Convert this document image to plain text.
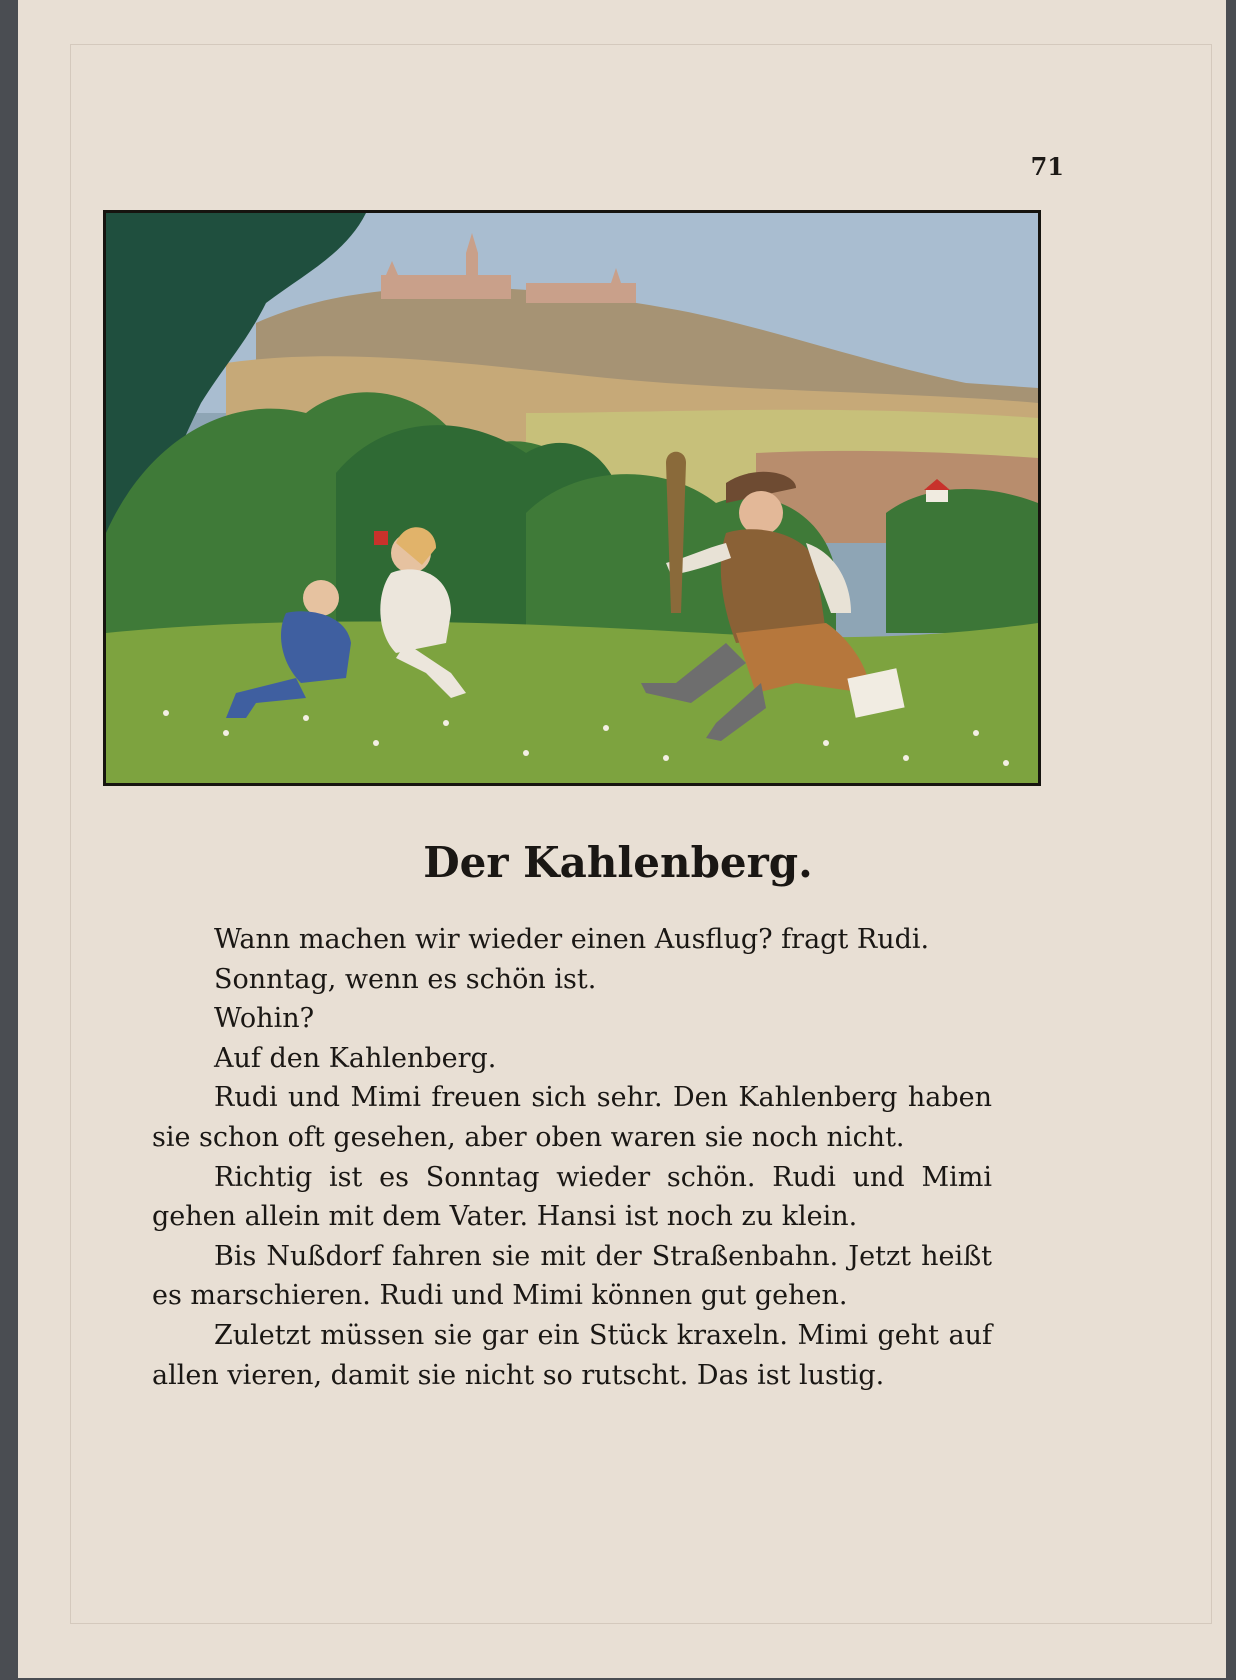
71
Der Kahlenberg.
Wann machen wir wieder einen Ausflug? fragt Rudi.
Sonntag, wenn es schön ist.
Wohin?
Auf den Kahlenberg.
Rudi und Mimi freuen sich sehr. Den Kahlenberg haben
sie schon oft gesehen, aber oben waren sie noch nicht.
Richtig ist es Sonntag wieder schön. Rudi und Mimi
gehen allein mit dem Vater. Hansi ist noch zu klein.
Bis Nußdorf fahren sie mit der Straßenbahn. Jetzt heißt
es marschieren. Rudi und Mimi können gut gehen.
Zuletzt müssen sie gar ein Stück kraxeln. Mimi geht auf
allen vieren, damit sie nicht so rutscht. Das ist lustig.
